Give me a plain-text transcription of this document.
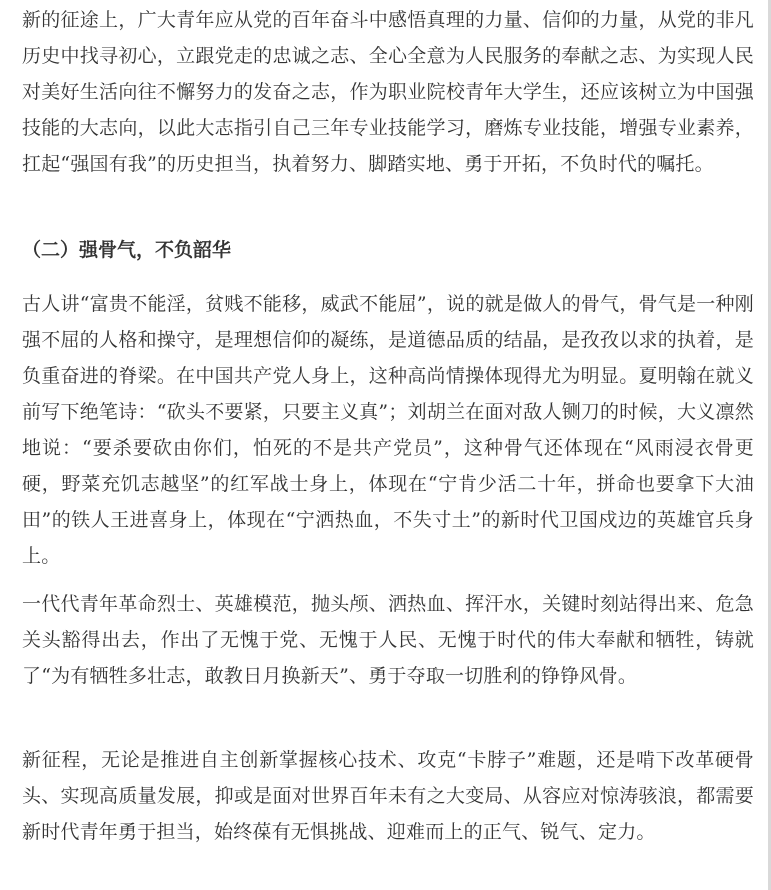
新的征途上，广大青年应从党的百年奋斗中感悟真理的力量、信仰的力量，从党的非凡历史中找寻初心，立跟党走的忠诚之志、全心全意为人民服务的奉献之志、为实现人民对美好生活向往不懈努力的发奋之志，作为职业院校青年大学生，还应该树立为中国强技能的大志向，以此大志指引自己三年专业技能学习，磨炼专业技能，增强专业素养，扛起“强国有我”的历史担当，执着努力、脚踏实地、勇于开拓，不负时代的嘱托。

（二）强骨气，不负韶华

古人讲“富贵不能淫，贫贱不能移，威武不能屈”，说的就是做人的骨气，骨气是一种刚强不屈的人格和操守，是理想信仰的凝练，是道德品质的结晶，是孜孜以求的执着，是负重奋进的脊梁。在中国共产党人身上，这种高尚情操体现得尤为明显。夏明翰在就义前写下绝笔诗：“砍头不要紧，只要主义真”；刘胡兰在面对敌人铡刀的时候，大义凛然地说：“要杀要砍由你们，怕死的不是共产党员”，这种骨气还体现在“风雨浸衣骨更硬，野菜充饥志越坚”的红军战士身上，体现在“宁肯少活二十年，拼命也要拿下大油田”的铁人王进喜身上，体现在“宁洒热血，不失寸土”的新时代卫国戍边的英雄官兵身上。

一代代青年革命烈士、英雄模范，抛头颅、洒热血、挥汗水，关键时刻站得出来、危急关头豁得出去，作出了无愧于党、无愧于人民、无愧于时代的伟大奉献和牺牲，铸就了“为有牺牲多壮志，敢教日月换新天”、勇于夺取一切胜利的铮铮风骨。

新征程，无论是推进自主创新掌握核心技术、攻克“卡脖子”难题，还是啃下改革硬骨头、实现高质量发展，抑或是面对世界百年未有之大变局、从容应对惊涛骇浪，都需要新时代青年勇于担当，始终葆有无惧挑战、迎难而上的正气、锐气、定力。
